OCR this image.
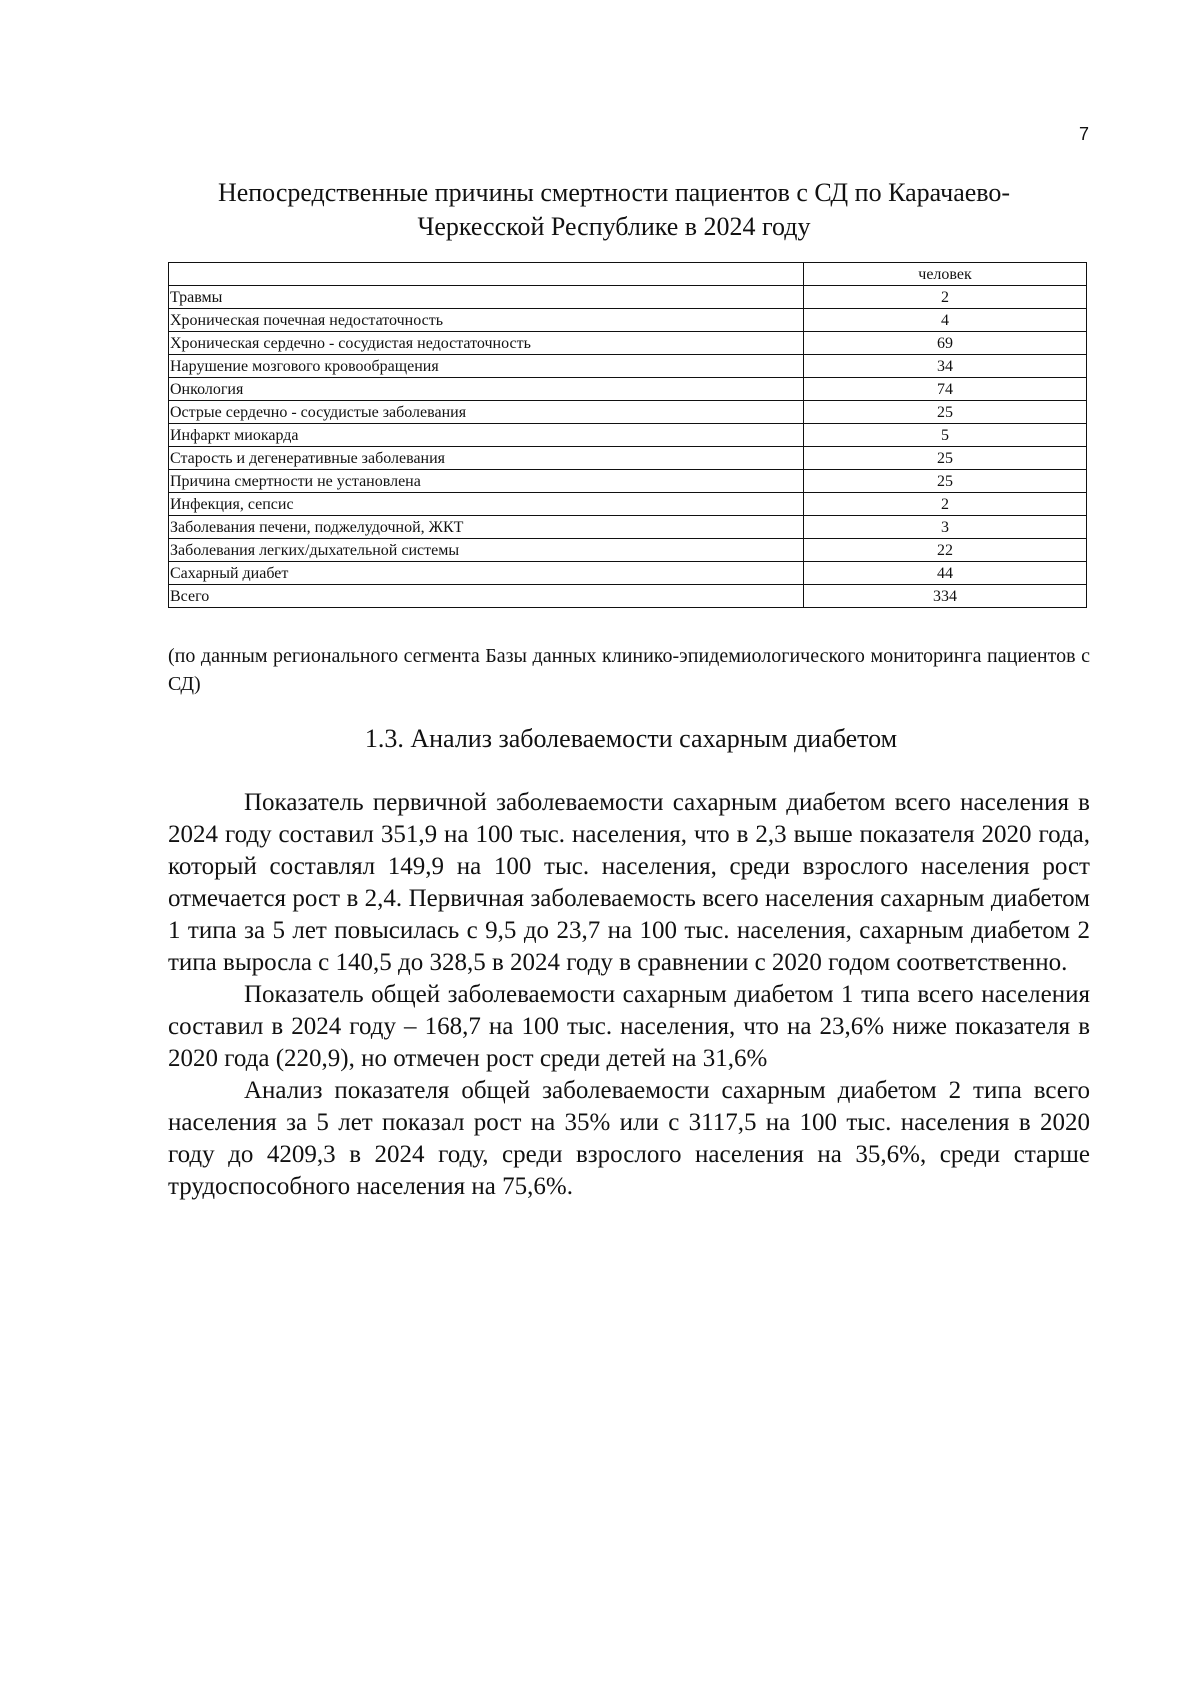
7
Непосредственные причины смертности пациентов с СД по Карачаево-
Черкесской Республике в 2024 году
	человек
Травмы	2
Хроническая почечная недостаточность	4
Хроническая сердечно - сосудистая недостаточность	69
Нарушение мозгового кровообращения	34
Онкология	74
Острые сердечно - сосудистые заболевания	25
Инфаркт миокарда	5
Старость и дегенеративные заболевания	25
Причина смертности не установлена	25
Инфекция, сепсис	2
Заболевания печени, поджелудочной, ЖКТ	3
Заболевания легких/дыхательной системы	22
Сахарный диабет	44
Всего	334
(по данным регионального сегмента Базы данных клинико-эпидемиологического мониторинга пациентов с СД)
1.3. Анализ заболеваемости сахарным диабетом

Показатель первичной заболеваемости сахарным диабетом всего населения в 2024 году составил 351,9 на 100 тыс. населения, что в 2,3 выше показателя 2020 года, который составлял 149,9 на 100 тыс. населения, среди взрослого населения рост отмечается рост в 2,4. Первичная заболеваемость всего населения сахарным диабетом 1 типа за 5 лет повысилась с 9,5 до 23,7 на 100 тыс. населения, сахарным диабетом 2 типа выросла с 140,5 до 328,5 в 2024 году в сравнении с 2020 годом соответственно.

Показатель общей заболеваемости сахарным диабетом 1 типа всего населения составил в 2024 году – 168,7 на 100 тыс. населения, что на 23,6% ниже показателя в 2020 года (220,9), но отмечен рост среди детей на 31,6%

Анализ показателя общей заболеваемости сахарным диабетом 2 типа всего населения за 5 лет показал рост на 35% или с 3117,5 на 100 тыс. населения в 2020 году до 4209,3 в 2024 году, среди взрослого населения на 35,6%, среди старше трудоспособного населения на 75,6%.
